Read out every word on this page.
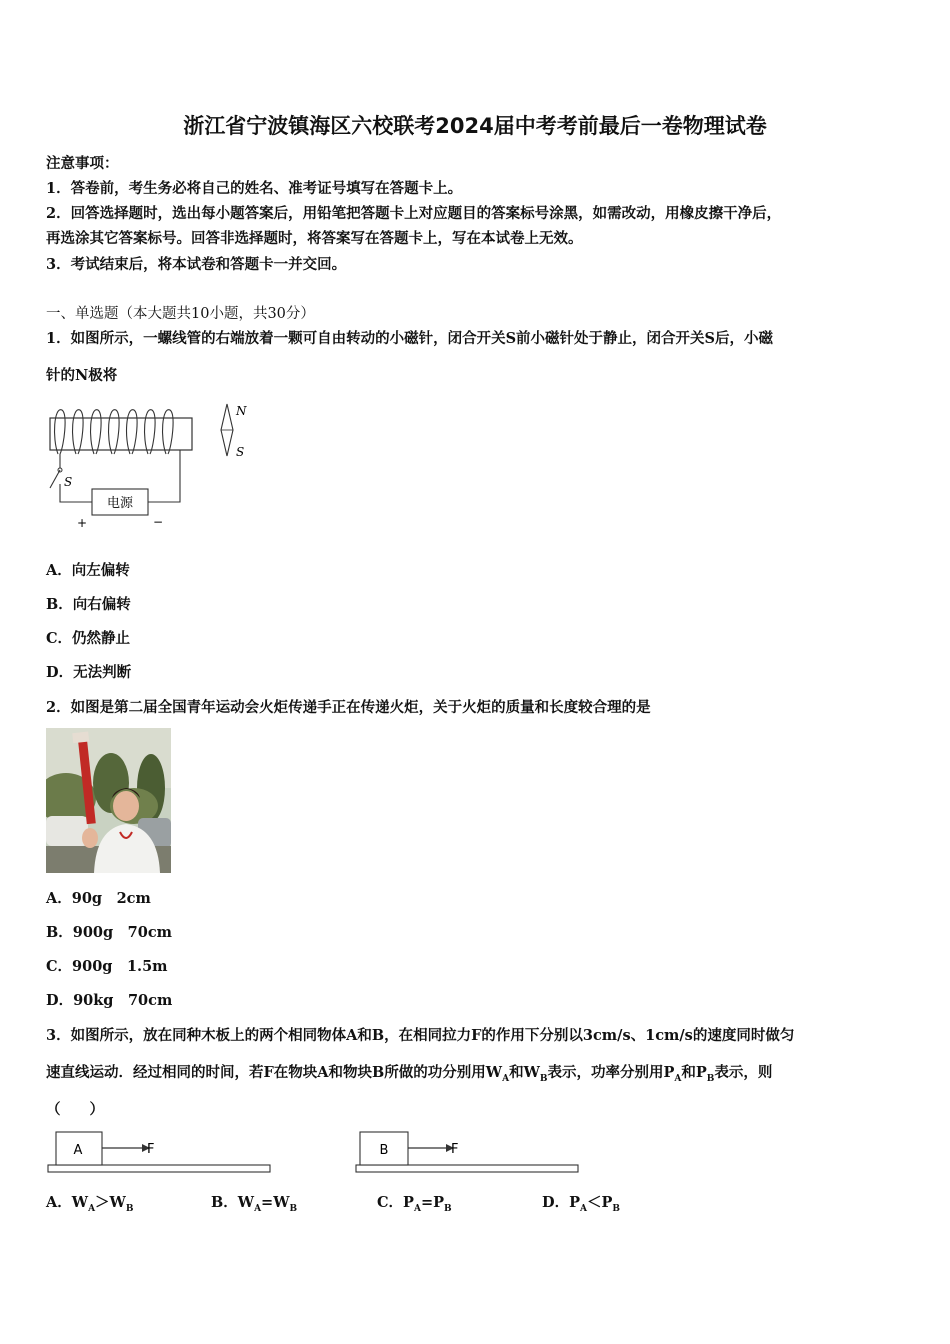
浙江省宁波镇海区六校联考2024届中考考前最后一卷物理试卷
注意事项：
1．答卷前，考生务必将自己的姓名、准考证号填写在答题卡上。
2．回答选择题时，选出每小题答案后，用铅笔把答题卡上对应题目的答案标号涂黑，如需改动，用橡皮擦干净后，
再选涂其它答案标号。回答非选择题时，将答案写在答题卡上，写在本试卷上无效。
3．考试结束后，将本试卷和答题卡一并交回。
一、单选题（本大题共10小题，共30分）
1．如图所示，一螺线管的右端放着一颗可自由转动的小磁针，闭合开关S前小磁针处于静止，闭合开关S后，小磁
针的N极将
S
电源
+	−
N
S
A．向左偏转
B．向右偏转
C．仍然静止
D．无法判断
2．如图是第二届全国青年运动会火炬传递手正在传递火炬，关于火炬的质量和长度较合理的是
A．90g　2cm
B．900g　70cm
C．900g　1.5m
D．90kg　70cm
3．如图所示，放在同种木板上的两个相同物体A和B，在相同拉力F的作用下分别以3cm/s、1cm/s的速度同时做匀
速直线运动．经过相同的时间，若F在物块A和物块B所做的功分别用$W_A$和$W_B$表示，功率分别用$P_A$和$P_B$表示，则
（　　）
A	F	B	F
A．$W_A>W_B$	B．$W_A=W_B$	C．$P_A=P_B$	D．$P_A<P_B$
